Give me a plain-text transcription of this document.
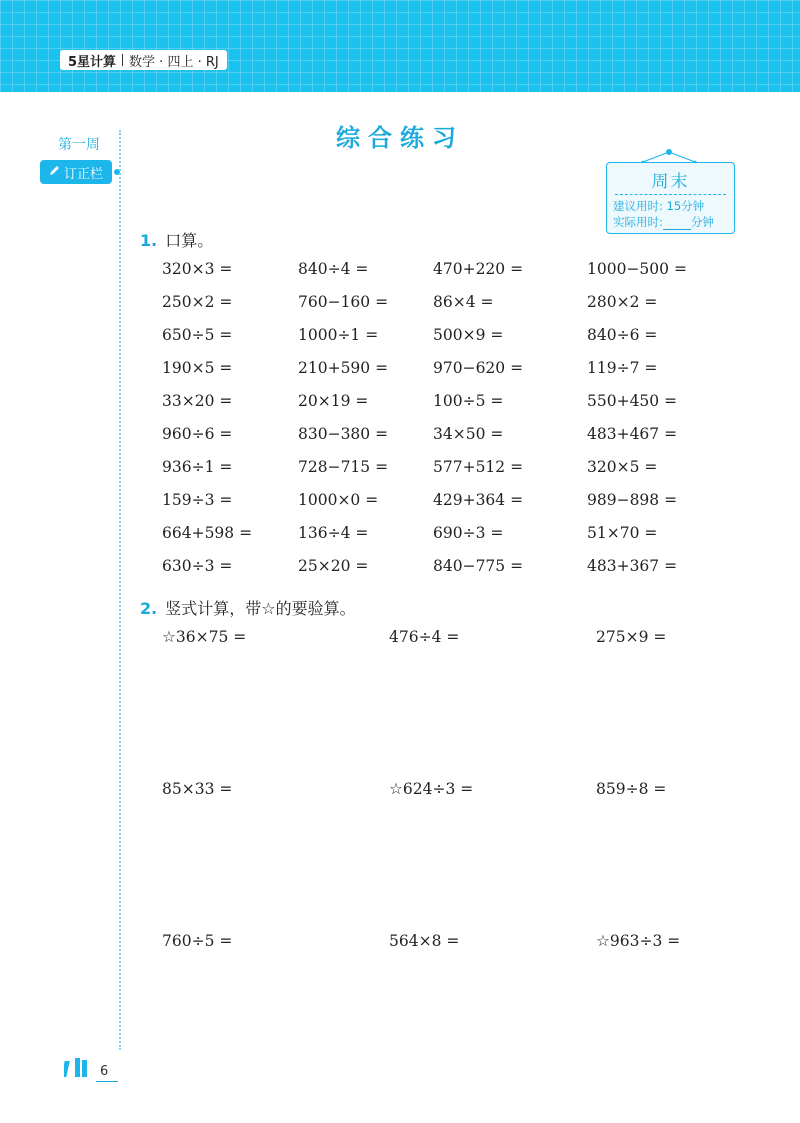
5星计算 数学 · 四上 · RJ
第一周
订正栏
综合练习
周末
建议用时: 15分钟
实际用时: 分钟
1. 口算。
320×3 =	840÷4 =	470+220 =	1000−500 =
250×2 =	760−160 =	86×4 =	280×2 =
650÷5 =	1000÷1 =	500×9 =	840÷6 =
190×5 =	210+590 =	970−620 =	119÷7 =
33×20 =	20×19 =	100÷5 =	550+450 =
960÷6 =	830−380 =	34×50 =	483+467 =
936÷1 =	728−715 =	577+512 =	320×5 =
159÷3 =	1000×0 =	429+364 =	989−898 =
664+598 =	136÷4 =	690÷3 =	51×70 =
630÷3 =	25×20 =	840−775 =	483+367 =
2. 竖式计算，带☆的要验算。
☆36×75 =	476÷4 =	275×9 =
85×33 =	☆624÷3 =	859÷8 =
760÷5 =	564×8 =	☆963÷3 =
6
